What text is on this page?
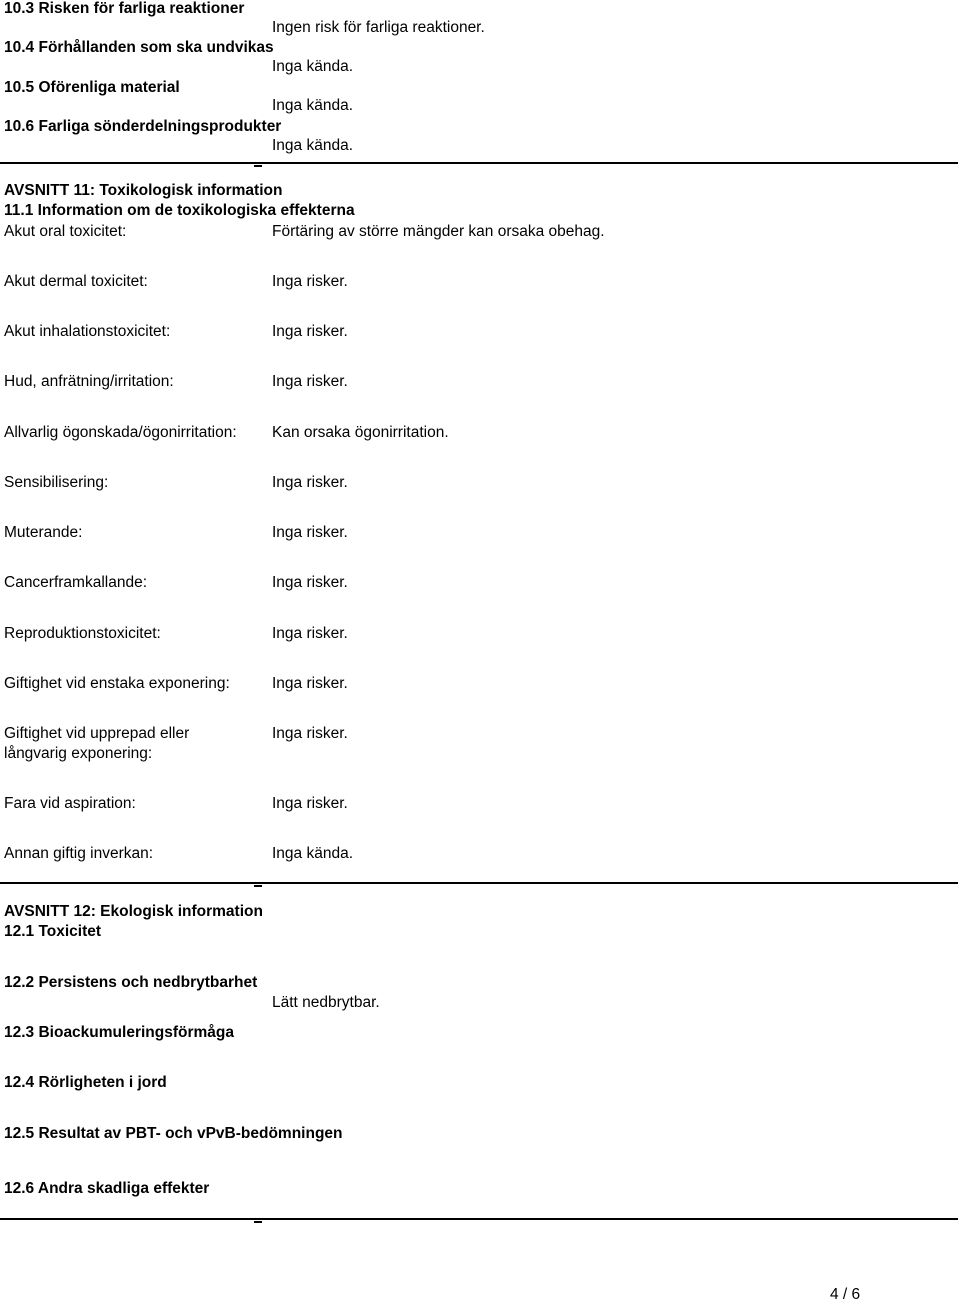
10.3 Risken för farliga reaktioner
Ingen risk för farliga reaktioner.
10.4 Förhållanden som ska undvikas
Inga kända.
10.5 Oförenliga material
Inga kända.
10.6 Farliga sönderdelningsprodukter
Inga kända.
AVSNITT 11: Toxikologisk information
11.1 Information om de toxikologiska effekterna
Akut oral toxicitet:	Förtäring av större mängder kan orsaka obehag.
Akut dermal toxicitet:	Inga risker.
Akut inhalationstoxicitet:	Inga risker.
Hud, anfrätning/irritation:	Inga risker.
Allvarlig ögonskada/ögonirritation: Kan orsaka ögonirritation.
Sensibilisering:	Inga risker.
Muterande:	Inga risker.
Cancerframkallande:	Inga risker.
Reproduktionstoxicitet:	Inga risker.
Giftighet vid enstaka exponering:	Inga risker.
Giftighet vid upprepad eller
långvarig exponering:
Inga risker.
Fara vid aspiration:	Inga risker.
Annan giftig inverkan:	Inga kända.
AVSNITT 12: Ekologisk information
12.1 Toxicitet
12.2 Persistens och nedbrytbarhet
Lätt nedbrytbar.
12.3 Bioackumuleringsförmåga
12.4 Rörligheten i jord
12.5 Resultat av PBT- och vPvB-bedömningen
12.6 Andra skadliga effekter
4 / 6
